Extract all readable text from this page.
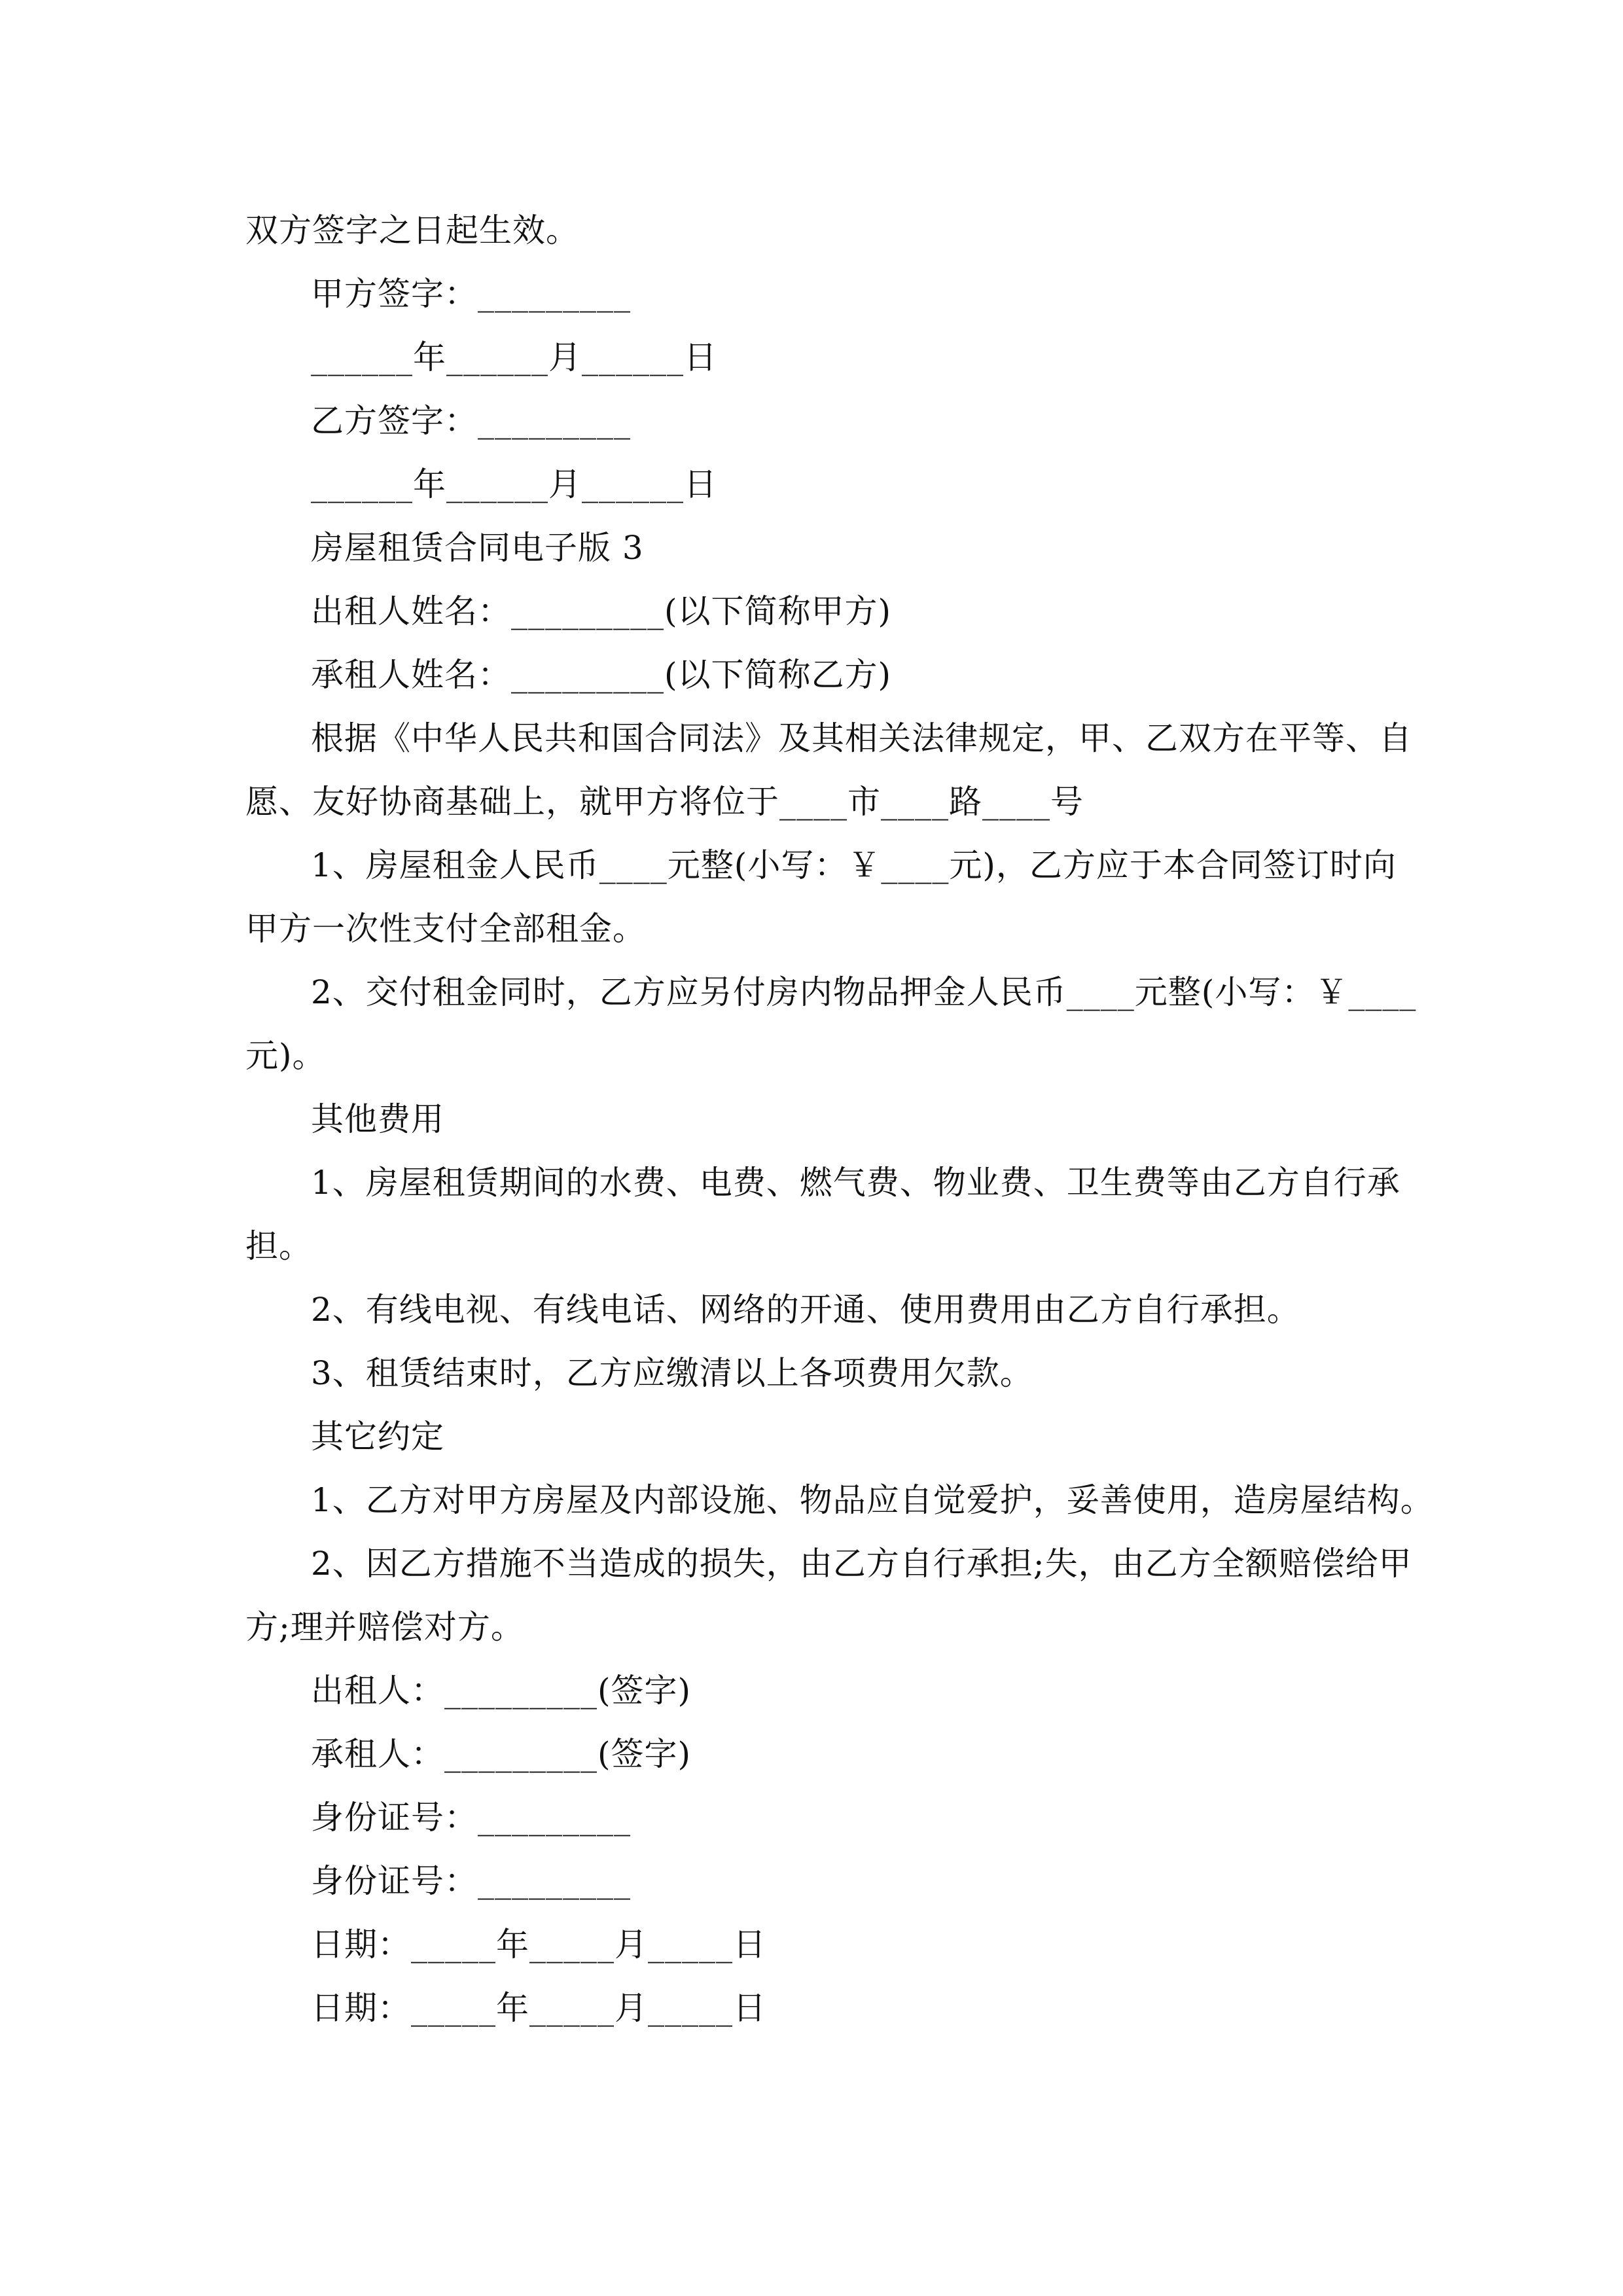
双方签字之日起生效。
甲方签字：_________
______年______月______日
乙方签字：_________
______年______月______日
房屋租赁合同电子版 3
出租人姓名：_________(以下简称甲方)
承租人姓名：_________(以下简称乙方)
根据《中华人民共和国合同法》及其相关法律规定，甲、乙双方在平等、自
愿、友好协商基础上，就甲方将位于____市____路____号
1、房屋租金人民币____元整(小写：￥____元)，乙方应于本合同签订时向
甲方一次性支付全部租金。
2、交付租金同时，乙方应另付房内物品押金人民币____元整(小写：￥____
元)。
其他费用
1、房屋租赁期间的水费、电费、燃气费、物业费、卫生费等由乙方自行承
担。
2、有线电视、有线电话、网络的开通、使用费用由乙方自行承担。
3、租赁结束时，乙方应缴清以上各项费用欠款。
其它约定
1、乙方对甲方房屋及内部设施、物品应自觉爱护，妥善使用，造房屋结构。
2、因乙方措施不当造成的损失，由乙方自行承担;失，由乙方全额赔偿给甲
方;理并赔偿对方。
出租人：_________(签字)
承租人：_________(签字)
身份证号：_________
身份证号：_________
日期：_____年_____月_____日
日期：_____年_____月_____日
